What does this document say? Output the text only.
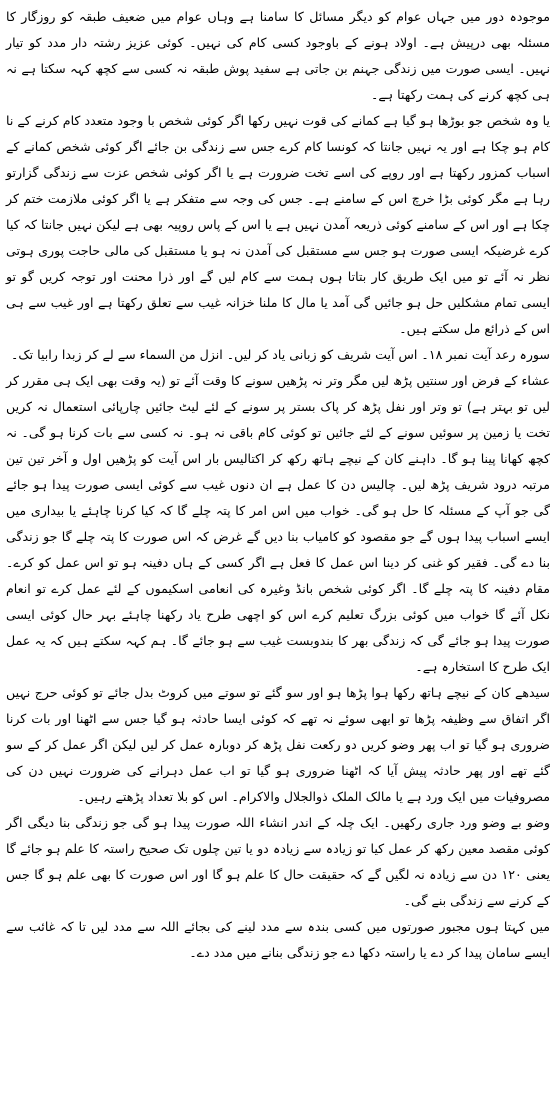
موجودہ دور میں جہاں عوام کو دیگر مسائل کا سامنا ہے وہاں عوام میں ضعیف طبقہ کو روزگار کا مسئلہ بھی درپیش ہے۔ اولاد ہونے کے باوجود کسی کام کی نہیں۔ کوئی عزیز رشتہ دار مدد کو تیار نہیں۔ ایسی صورت میں زندگی جہنم بن جاتی ہے سفید پوش طبقہ نہ کسی سے کچھ کہہ سکتا ہے نہ ہی کچھ کرنے کی ہمت رکھتا ہے۔

یا وہ شخص جو بوڑھا ہو گیا ہے کمانے کی قوت نہیں رکھا اگر کوئی شخص با وجود متعدد کام کرنے کے نا کام ہو چکا ہے اور یہ نہیں جانتا کہ کونسا کام کرے جس سے زندگی بن جائے اگر کوئی شخص کمانے کے اسباب کمزور رکھتا ہے اور روپے کی اسے تخت ضرورت ہے یا اگر کوئی شخص عزت سے زندگی گزارتو رہا ہے مگر کوئی بڑا خرچ اس کے سامنے ہے۔ جس کی وجہ سے متفکر ہے یا اگر کوئی ملازمت ختم کر چکا ہے اور اس کے سامنے کوئی ذریعہ آمدن نہیں ہے یا اس کے پاس روپیہ بھی ہے لیکن نہیں جانتا کہ کیا کرے غرضیکہ ایسی صورت ہو جس سے مستقبل کی آمدن نہ ہو یا مستقبل کی مالی حاجت پوری ہوتی نظر نہ آئے تو میں ایک طریق کار بتاتا ہوں ہمت سے کام لیں گے اور ذرا محنت اور توجہ کریں گو تو ایسی تمام مشکلیں حل ہو جائیں گی آمد یا مال کا ملنا خزانہ غیب سے تعلق رکھتا ہے اور غیب سے ہی اس کے ذرائع مل سکتے ہیں۔

سورہ رعد آیت نمبر ۱۸۔ اس آیت شریف کو زبانی یاد کر لیں۔ انزل من السماء سے لے کر زبدا رابیا تک۔

عشاء کے فرض اور سنتیں پڑھ لیں مگر وتر نہ پڑھیں سونے کا وقت آئے تو (یہ وقت بھی ایک ہی مقرر کر لیں تو بہتر ہے) تو وتر اور نفل پڑھ کر پاک بستر پر سونے کے لئے لیٹ جائیں چارپائی استعمال نہ کریں تخت یا زمین پر سوئیں سونے کے لئے جائیں تو کوئی کام باقی نہ ہو۔ نہ کسی سے بات کرنا ہو گی۔ نہ کچھ کھانا پینا ہو گا۔ داہنے کان کے نیچے ہاتھ رکھ کر اکتالیس بار اس آیت کو پڑھیں اول و آخر تین تین مرتبہ درود شریف پڑھ لیں۔ چالیس دن کا عمل ہے ان دنوں غیب سے کوئی ایسی صورت پیدا ہو جائے گی جو آپ کے مسئلہ کا حل ہو گی۔ خواب میں اس امر کا پتہ چلے گا کہ کیا کرنا چاہئے یا بیداری میں ایسے اسباب پیدا ہوں گے جو مقصود کو کامیاب بنا دیں گے غرض کہ اس صورت کا پتہ چلے گا جو زندگی بنا دے گی۔ فقیر کو غنی کر دینا اس عمل کا فعل ہے اگر کسی کے ہاں دفینہ ہو تو اس عمل کو کرے۔ مقام دفینہ کا پتہ چلے گا۔ اگر کوئی شخص بانڈ وغیرہ کی انعامی اسکیموں کے لئے عمل کرے تو انعام نکل آئے گا خواب میں کوئی بزرگ تعلیم کرے اس کو اچھی طرح یاد رکھنا چاہئے بہر حال کوئی ایسی صورت پیدا ہو جائے گی کہ زندگی بھر کا بندوبست غیب سے ہو جائے گا۔ ہم کہہ سکتے ہیں کہ یہ عمل ایک طرح کا استخارہ ہے۔

سیدھے کان کے نیچے ہاتھ رکھا ہوا پڑھا ہو اور سو گئے تو سوتے میں کروٹ بدل جائے تو کوئی حرج نہیں اگر اتفاق سے وظیفہ پڑھا تو ابھی سوئے نہ تھے کہ کوئی ایسا حادثہ ہو گیا جس سے اٹھنا اور بات کرنا ضروری ہو گیا تو اب پھر وضو کریں دو رکعت نفل پڑھ کر دوبارہ عمل کر لیں لیکن اگر عمل کر کے سو گئے تھے اور پھر حادثہ پیش آیا کہ اٹھنا ضروری ہو گیا تو اب عمل دہرانے کی ضرورت نہیں دن کی مصروفیات میں ایک ورد ہے یا مالک الملک ذوالجلال والاکرام۔ اس کو بلا تعداد پڑھتے رہیں۔

وضو بے وضو ورد جاری رکھیں۔ ایک چلہ کے اندر انشاء اللہ صورت پیدا ہو گی جو زندگی بنا دیگی اگر کوئی مقصد معین رکھ کر عمل کیا تو زیادہ سے زیادہ دو یا تین چلوں تک صحیح راستہ کا علم ہو جائے گا یعنی ۱۲۰ دن سے زیادہ نہ لگیں گے کہ حقیقت حال کا علم ہو گا اور اس صورت کا بھی علم ہو گا جس کے کرنے سے زندگی بنے گی۔

میں کہتا ہوں مجبور صورتوں میں کسی بندہ سے مدد لینے کی بجائے اللہ سے مدد لیں تا کہ غائب سے ایسے سامان پیدا کر دے یا راستہ دکھا دے جو زندگی بنانے میں مدد دے۔
